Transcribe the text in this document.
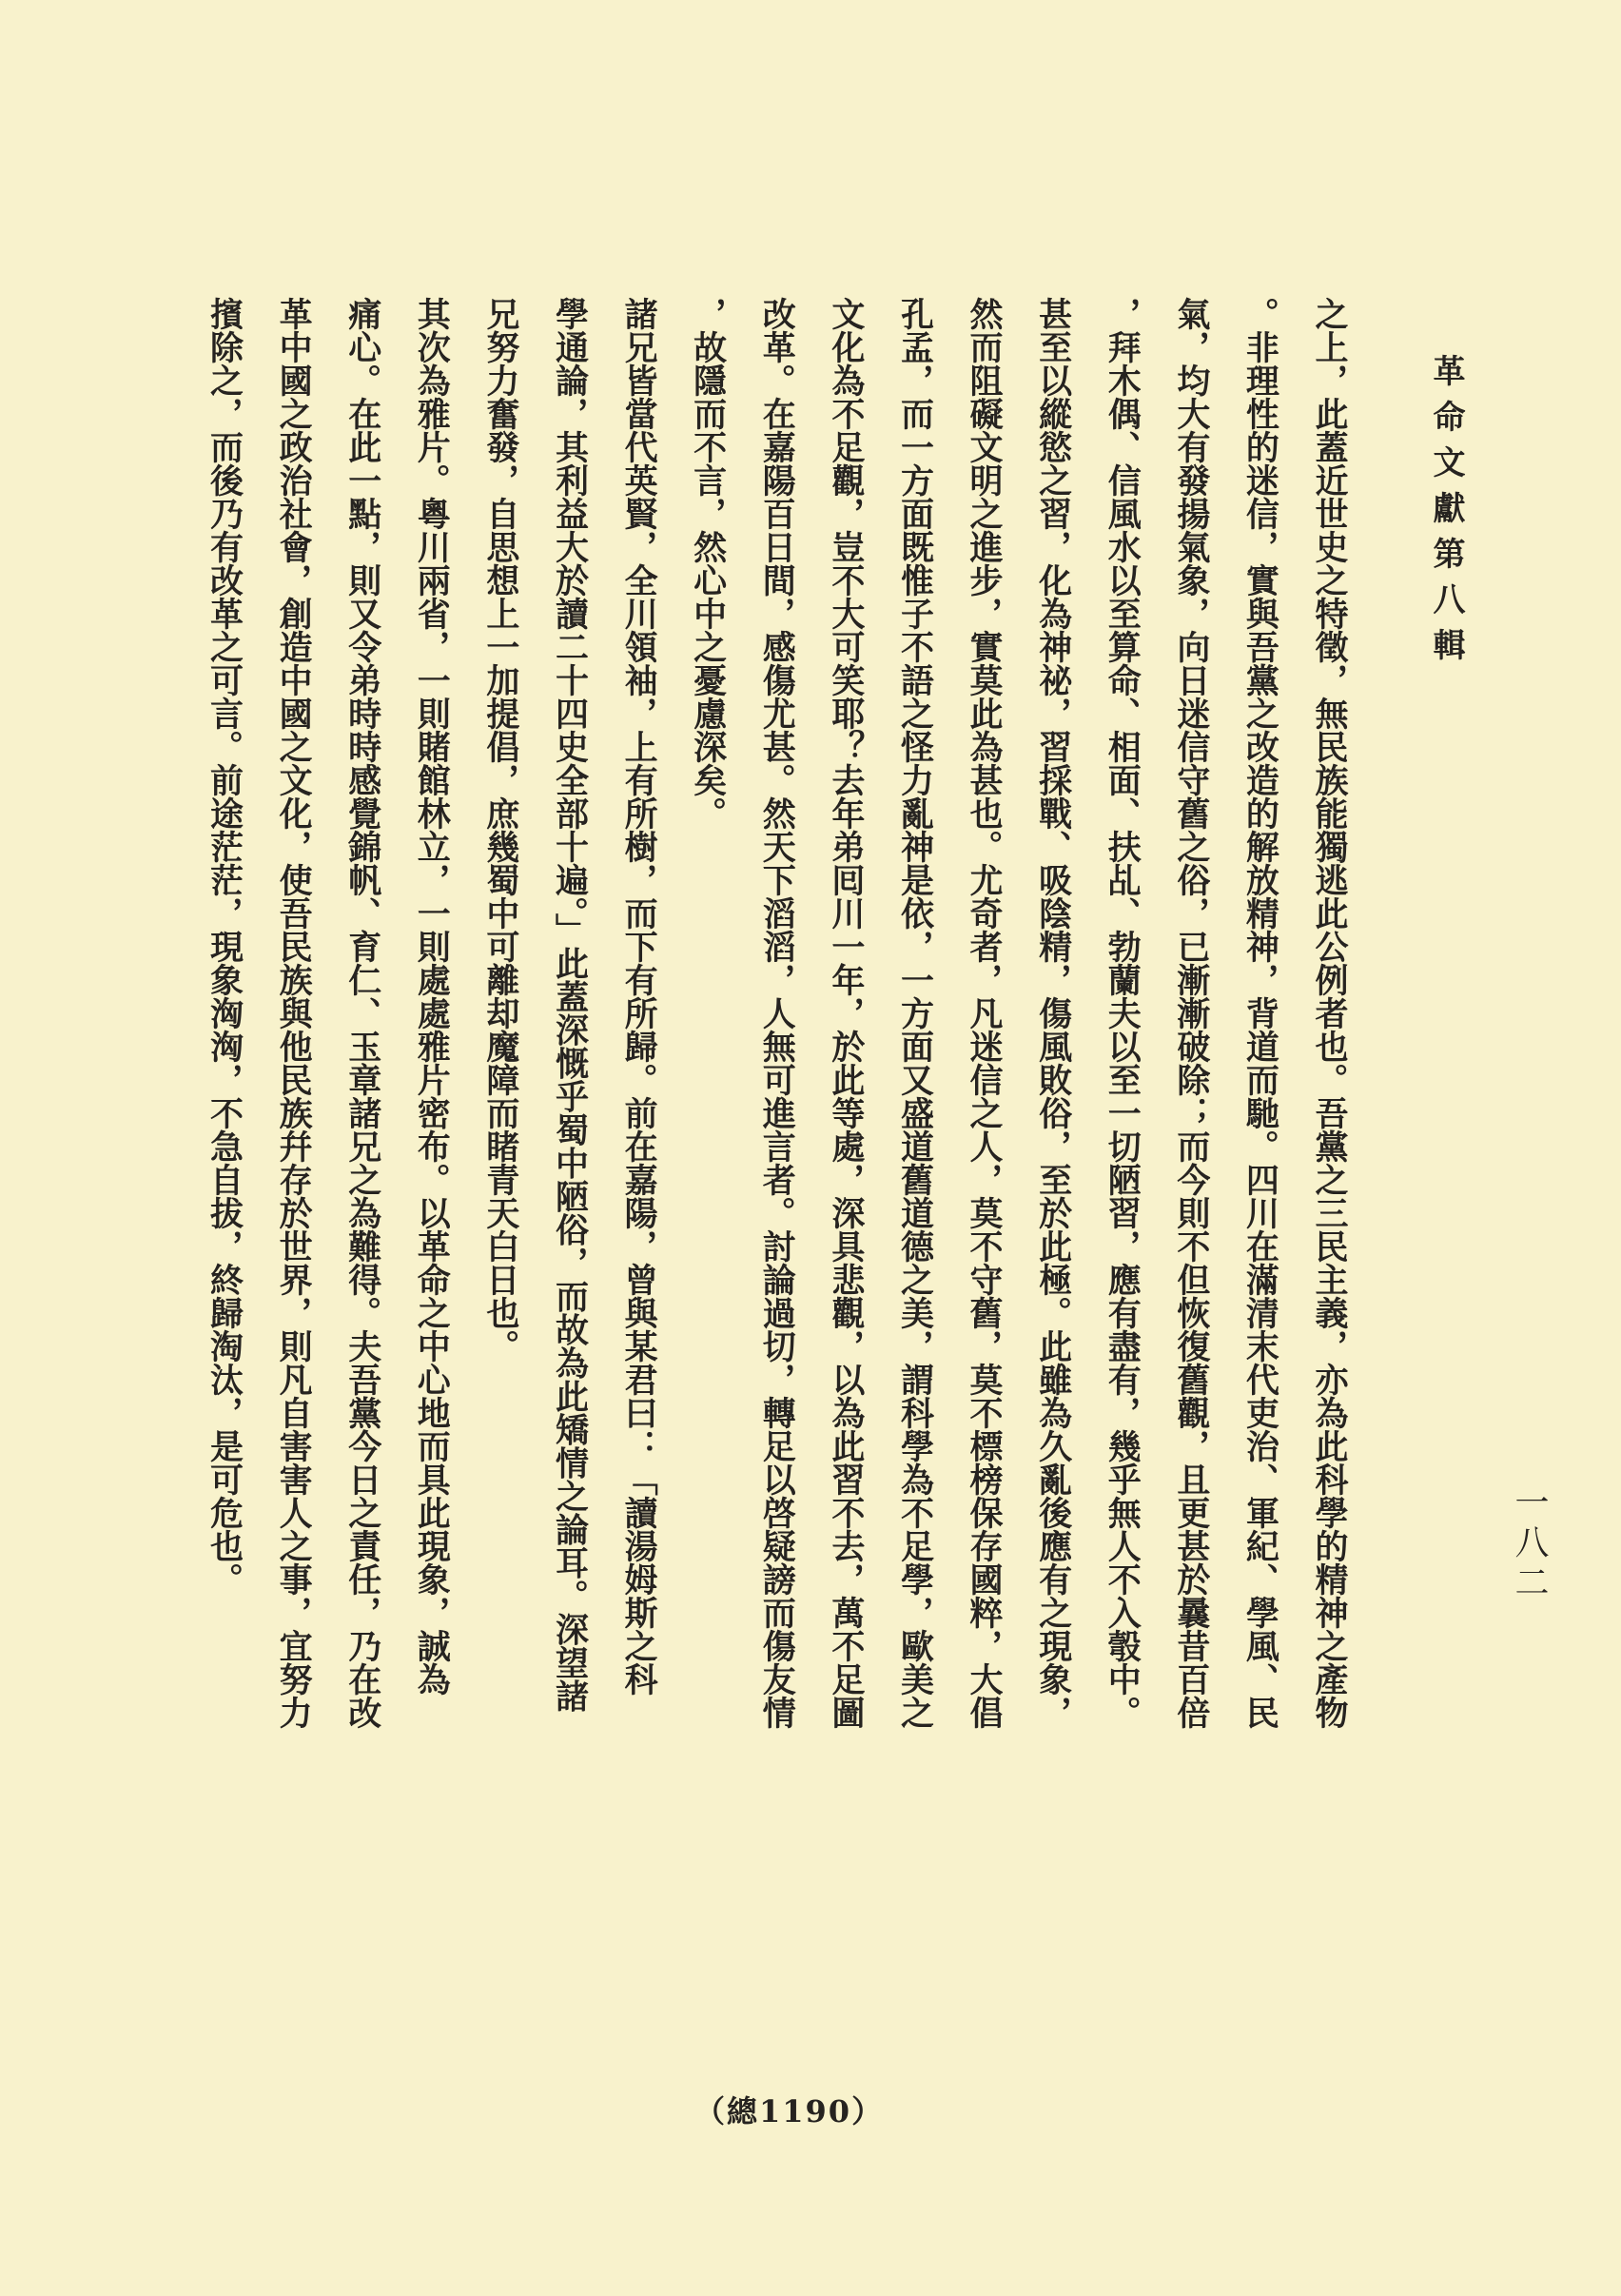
革命文獻第八輯
一八二
之上，此蓋近世史之特徵，無民族能獨逃此公例者也。吾黨之三民主義，亦為此科學的精神之產物
。非理性的迷信，實與吾黨之改造的解放精神，背道而馳。四川在滿清末代吏治、軍紀、學風、民
氣，均大有發揚氣象，向日迷信守舊之俗，已漸漸破除；而今則不但恢復舊觀，且更甚於曩昔百倍
，拜木偶、信風水以至算命、相面、扶乩、勃蘭夫以至一切陋習，應有盡有，幾乎無人不入彀中。
甚至以縱慾之習，化為神祕，習採戰、吸陰精，傷風敗俗，至於此極。此雖為久亂後應有之現象，
然而阻礙文明之進步，實莫此為甚也。尤奇者，凡迷信之人，莫不守舊，莫不標榜保存國粹，大倡
孔孟，而一方面既惟子不語之怪力亂神是依，一方面又盛道舊道德之美，謂科學為不足學，歐美之
文化為不足觀，豈不大可笑耶？去年弟囘川一年，於此等處，深具悲觀，以為此習不去，萬不足圖
改革。在嘉陽百日間，感傷尤甚。然天下滔滔，人無可進言者。討論過切，轉足以啓疑謗而傷友情
，故隱而不言，然心中之憂慮深矣。
諸兄皆當代英賢，全川領袖，上有所樹，而下有所歸。前在嘉陽，曾與某君曰：「讀湯姆斯之科
學通論，其利益大於讀二十四史全部十遍。」此蓋深慨乎蜀中陋俗，而故為此矯情之論耳。深望諸
兄努力奮發，自思想上一加提倡，庶幾蜀中可離却魔障而睹青天白日也。
其次為雅片。粵川兩省，一則賭館林立，一則處處雅片密布。以革命之中心地而具此現象，誠為
痛心。在此一點，則又令弟時時感覺錦帆、育仁、玉章諸兄之為難得。夫吾黨今日之責任，乃在改
革中國之政治社會，創造中國之文化，使吾民族與他民族幷存於世界，則凡自害害人之事，宜努力
擯除之，而後乃有改革之可言。前途茫茫，現象洶洶，不急自拔，終歸淘汰，是可危也。
（總1190）
